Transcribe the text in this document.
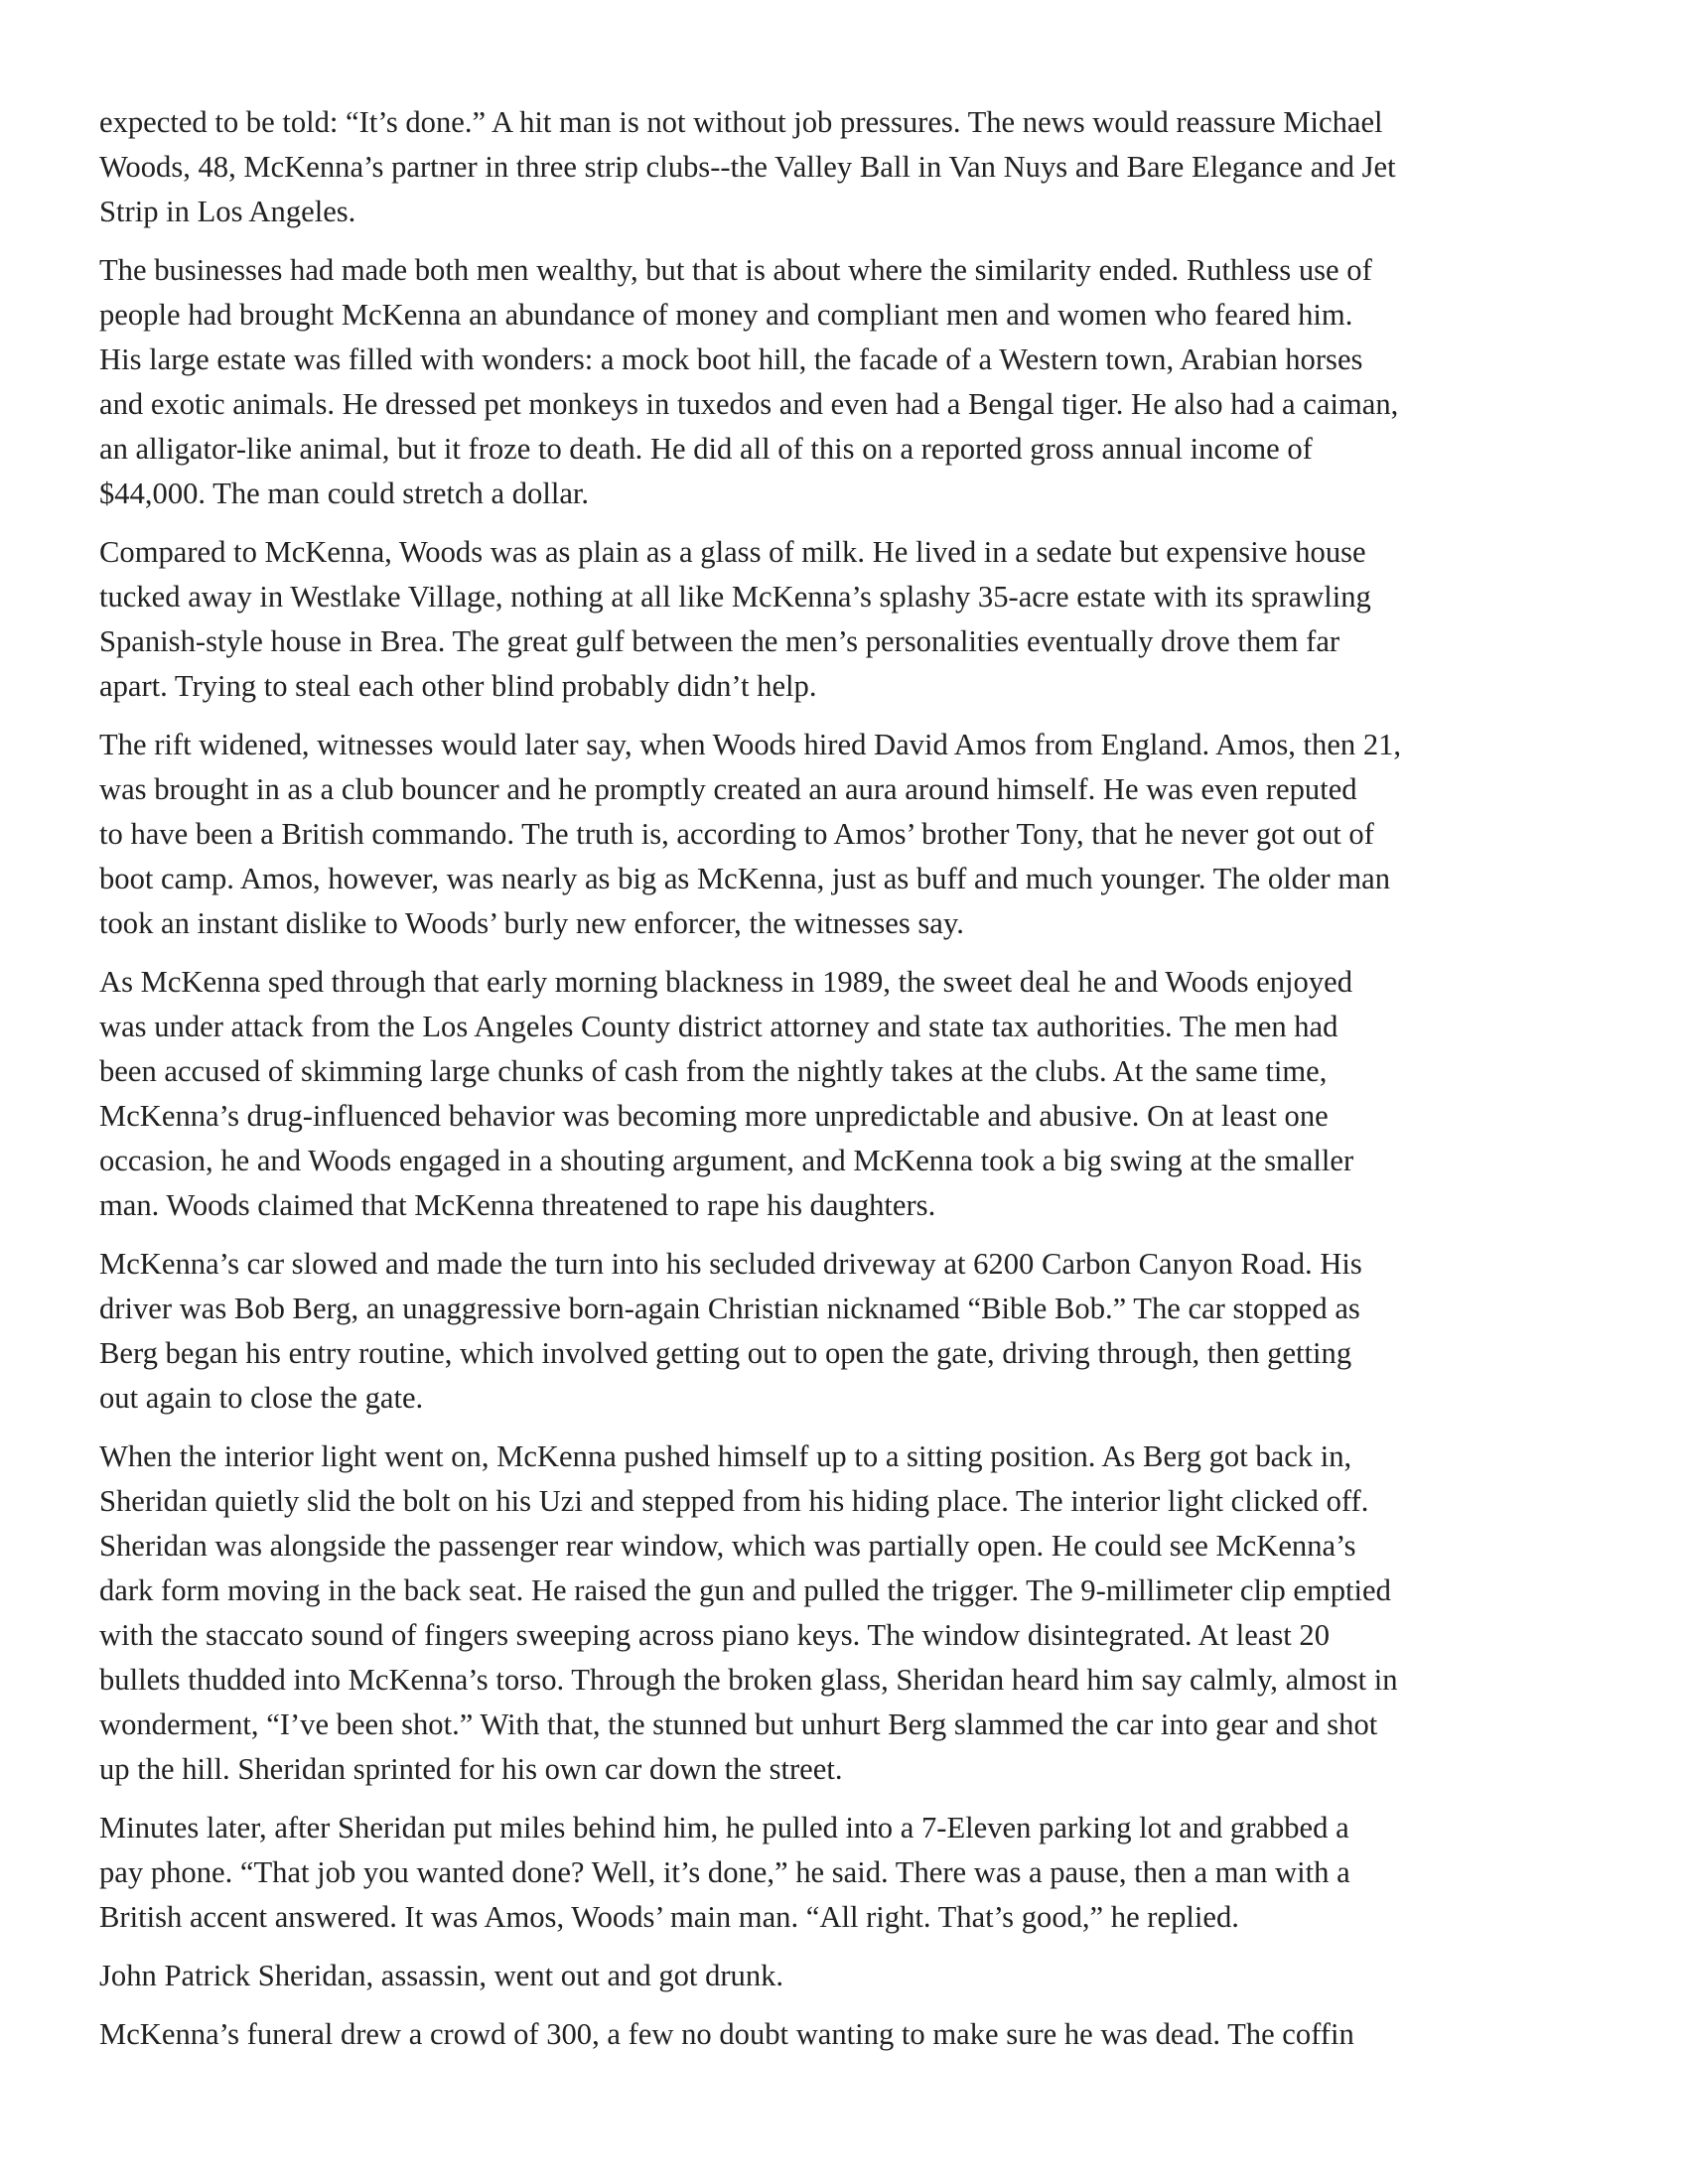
expected to be told: “It’s done.” A hit man is not without job pressures. The news would reassure Michael
Woods, 48, McKenna’s partner in three strip clubs--the Valley Ball in Van Nuys and Bare Elegance and Jet
Strip in Los Angeles.
The businesses had made both men wealthy, but that is about where the similarity ended. Ruthless use of
people had brought McKenna an abundance of money and compliant men and women who feared him.
His large estate was filled with wonders: a mock boot hill, the facade of a Western town, Arabian horses
and exotic animals. He dressed pet monkeys in tuxedos and even had a Bengal tiger. He also had a caiman,
an alligator-like animal, but it froze to death. He did all of this on a reported gross annual income of
$44,000. The man could stretch a dollar.
Compared to McKenna, Woods was as plain as a glass of milk. He lived in a sedate but expensive house
tucked away in Westlake Village, nothing at all like McKenna’s splashy 35-acre estate with its sprawling
Spanish-style house in Brea. The great gulf between the men’s personalities eventually drove them far
apart. Trying to steal each other blind probably didn’t help.
The rift widened, witnesses would later say, when Woods hired David Amos from England. Amos, then 21,
was brought in as a club bouncer and he promptly created an aura around himself. He was even reputed
to have been a British commando. The truth is, according to Amos’ brother Tony, that he never got out of
boot camp. Amos, however, was nearly as big as McKenna, just as buff and much younger. The older man
took an instant dislike to Woods’ burly new enforcer, the witnesses say.
As McKenna sped through that early morning blackness in 1989, the sweet deal he and Woods enjoyed
was under attack from the Los Angeles County district attorney and state tax authorities. The men had
been accused of skimming large chunks of cash from the nightly takes at the clubs. At the same time,
McKenna’s drug-influenced behavior was becoming more unpredictable and abusive. On at least one
occasion, he and Woods engaged in a shouting argument, and McKenna took a big swing at the smaller
man. Woods claimed that McKenna threatened to rape his daughters.
McKenna’s car slowed and made the turn into his secluded driveway at 6200 Carbon Canyon Road. His
driver was Bob Berg, an unaggressive born-again Christian nicknamed “Bible Bob.” The car stopped as
Berg began his entry routine, which involved getting out to open the gate, driving through, then getting
out again to close the gate.
When the interior light went on, McKenna pushed himself up to a sitting position. As Berg got back in,
Sheridan quietly slid the bolt on his Uzi and stepped from his hiding place. The interior light clicked off.
Sheridan was alongside the passenger rear window, which was partially open. He could see McKenna’s
dark form moving in the back seat. He raised the gun and pulled the trigger. The 9-millimeter clip emptied
with the staccato sound of fingers sweeping across piano keys. The window disintegrated. At least 20
bullets thudded into McKenna’s torso. Through the broken glass, Sheridan heard him say calmly, almost in
wonderment, “I’ve been shot.” With that, the stunned but unhurt Berg slammed the car into gear and shot
up the hill. Sheridan sprinted for his own car down the street.
Minutes later, after Sheridan put miles behind him, he pulled into a 7-Eleven parking lot and grabbed a
pay phone. “That job you wanted done? Well, it’s done,” he said. There was a pause, then a man with a
British accent answered. It was Amos, Woods’ main man. “All right. That’s good,” he replied.
John Patrick Sheridan, assassin, went out and got drunk.
McKenna’s funeral drew a crowd of 300, a few no doubt wanting to make sure he was dead. The coffin
